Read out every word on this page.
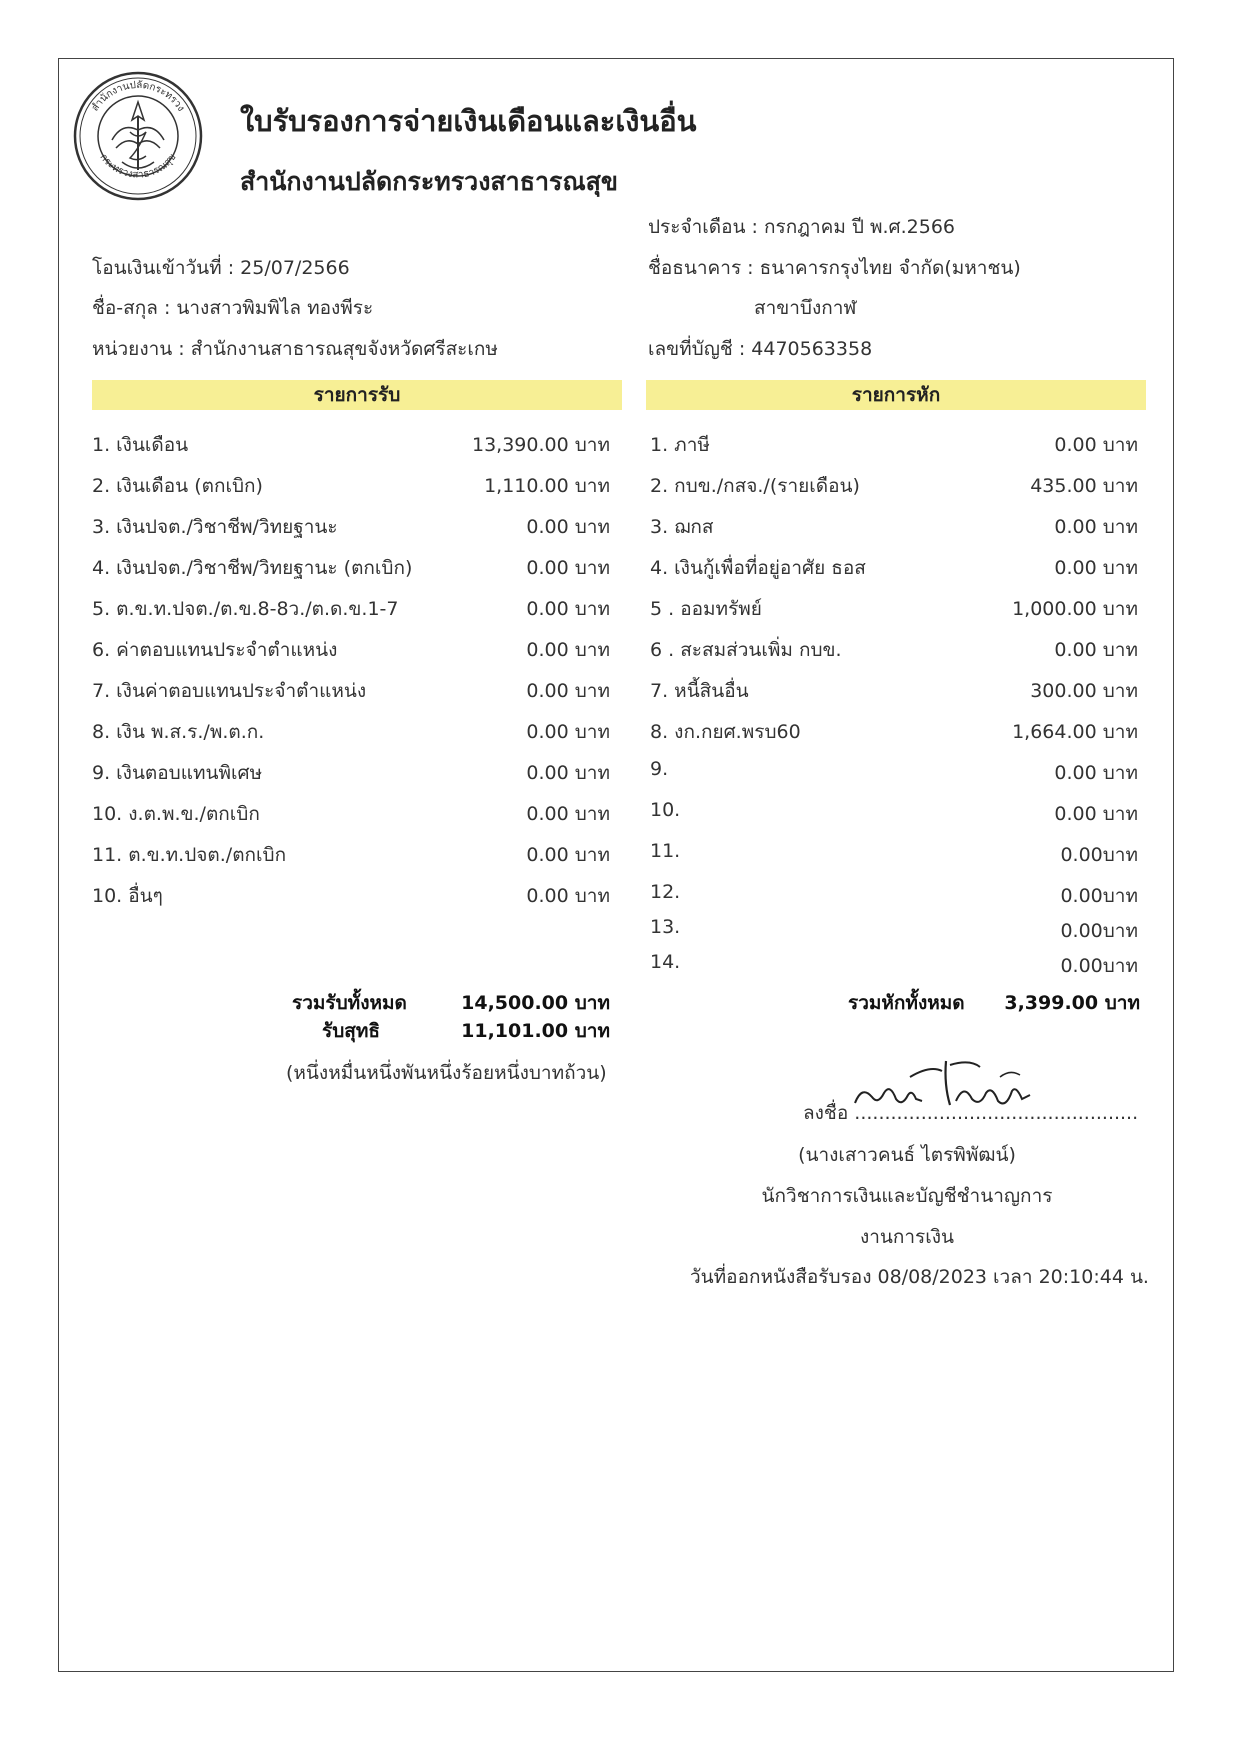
สำนักงานปลัดกระทรวง
กระทรวงสาธารณสุข
ใบรับรองการจ่ายเงินเดือนและเงินอื่น
สำนักงานปลัดกระทรวงสาธารณสุข
ประจำเดือน : กรกฎาคม ปี พ.ศ.2566
โอนเงินเข้าวันที่ : 25/07/2566	ชื่อธนาคาร : ธนาคารกรุงไทย จำกัด(มหาชน)
ชื่อ-สกุล : นางสาวพิมพิไล ทองพีระ	สาขาบึงกาฬ
หน่วยงาน : สำนักงานสาธารณสุขจังหวัดศรีสะเกษ	เลขที่บัญชี : 4470563358
รายการรับ	รายการหัก
1. เงินเดือน	13,390.00 บาท
2. เงินเดือน (ตกเบิก)	1,110.00 บาท
3. เงินปจต./วิชาชีพ/วิทยฐานะ	0.00 บาท
4. เงินปจต./วิชาชีพ/วิทยฐานะ (ตกเบิก)	0.00 บาท
5. ต.ข.ท.ปจต./ต.ข.8-8ว./ต.ด.ข.1-7	0.00 บาท
6. ค่าตอบแทนประจำตำแหน่ง	0.00 บาท
7. เงินค่าตอบแทนประจำตำแหน่ง	0.00 บาท
8. เงิน พ.ส.ร./พ.ต.ก.	0.00 บาท
9. เงินตอบแทนพิเศษ	0.00 บาท
10. ง.ต.พ.ข./ตกเบิก	0.00 บาท
11. ต.ข.ท.ปจต./ตกเบิก	0.00 บาท
10. อื่นๆ	0.00 บาท
1. ภาษี	0.00 บาท
2. กบข./กสจ./(รายเดือน)	435.00 บาท
3. ฌกส	0.00 บาท
4. เงินกู้เพื่อที่อยู่อาศัย ธอส	0.00 บาท
5 . ออมทรัพย์	1,000.00 บาท
6 . สะสมส่วนเพิ่ม กบข.	0.00 บาท
7. หนี้สินอื่น	300.00 บาท
8. งก.กยศ.พรบ60	1,664.00 บาท
9.	0.00 บาท
10.	0.00 บาท
11.	0.00บาท
12.	0.00บาท
13.	0.00บาท
14.	0.00บาท
รวมรับทั้งหมด	14,500.00 บาท
รับสุทธิ	11,101.00 บาท
(หนึ่งหมื่นหนึ่งพันหนึ่งร้อยหนึ่งบาทถ้วน)
รวมหักทั้งหมด	3,399.00 บาท
ลงชื่อ ...............................................
(นางเสาวคนธ์ ไตรพิพัฒน์)
นักวิชาการเงินและบัญชีชำนาญการ
งานการเงิน
วันที่ออกหนังสือรับรอง 08/08/2023 เวลา 20:10:44 น.
